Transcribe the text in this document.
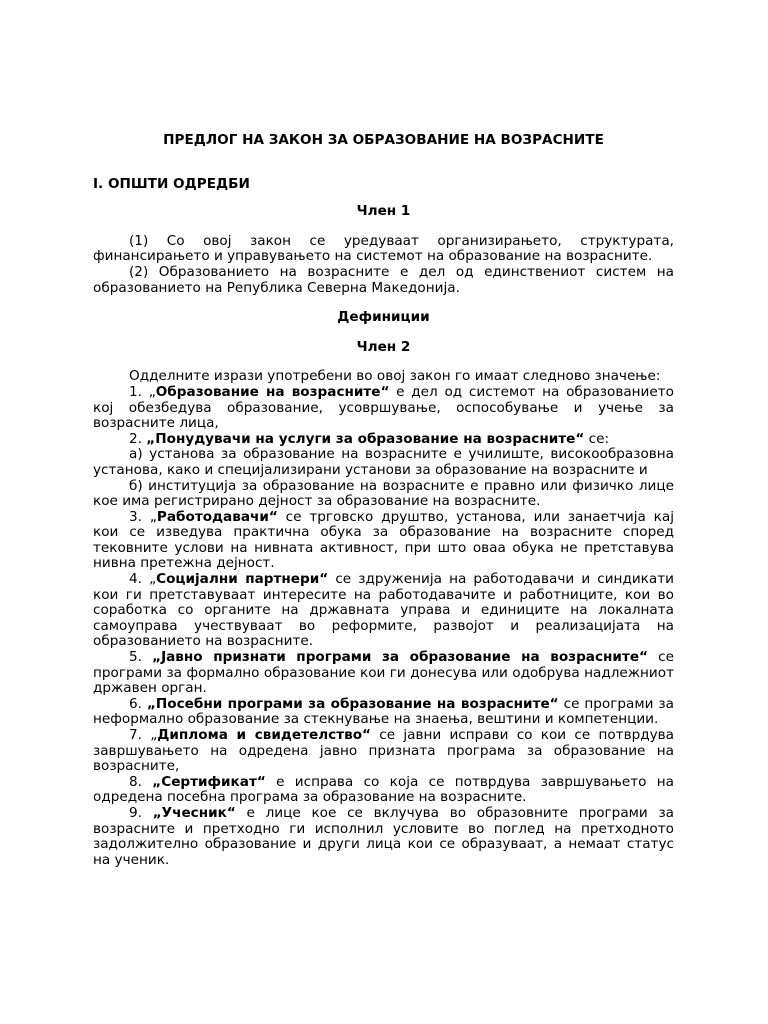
ПРЕДЛОГ НА ЗАКОН ЗА ОБРАЗОВАНИЕ НА ВОЗРАСНИТЕ
I. ОПШТИ ОДРЕДБИ
Член 1

(1) Со овој закон се уредуваат организирањето, структурата, финансирањето и управувањето на системот на образование на возрасните.

(2) Образованието на возрасните е дел од единствениот систем на образованието на Република Северна Македонија.

Дефиниции
Член 2

Одделните изрази употребени во овој закон го имаат следново значење:

1. „Образование на возрасните“ е дел од системот на образованието кој обезбедува образование, усовршување, оспособување и учење за возрасните лица,

2. „Понудувачи на услуги за образование на возрасните“ се:

а) установа за образование на возрасните е училиште, високообразовна установа, како и специјализирани установи за образование на возрасните и

б) институција за образование на возрасните е правно или физичко лице кое има регистрирано дејност за образование на возрасните.

3. „Работодавачи“ се трговско друштво, установа, или занаетчија кај кои се изведува практична обука за образование на возрасните според тековните услови на нивната активност, при што оваа обука не претставува нивна претежна дејност.

4. „Социјални партнери“ се здруженија на работодавачи и синдикати кои ги претставуваат интересите на работодавачите и работниците, кои во соработка со органите на државната управа и единиците на локалната самоуправа учествуваат во реформите, развојот и реализацијата на образованието на возрасните.

5. „Јавно признати програми за образование на возрасните“ се програми за формално образование кои ги донесува или одобрува надлежниот државен орган.

6. „Посебни програми за образование на возрасните“ се програми за неформално образование за стекнување на знаења, вештини и компетенции.

7. „Диплома и свидетелство“ се јавни исправи со кои се потврдува завршувањето на одредена јавно призната програма за образование на возрасните,

8. „Сертификат“ е исправа со која се потврдува завршувањето на одредена посебна програма за образование на возрасните.

9. „Учесник“ е лице кое се вклучува во образовните програми за возрасните и претходно ги исполнил условите во поглед на претходното задолжително образование и други лица кои се образуваат, а немаат статус на ученик.
